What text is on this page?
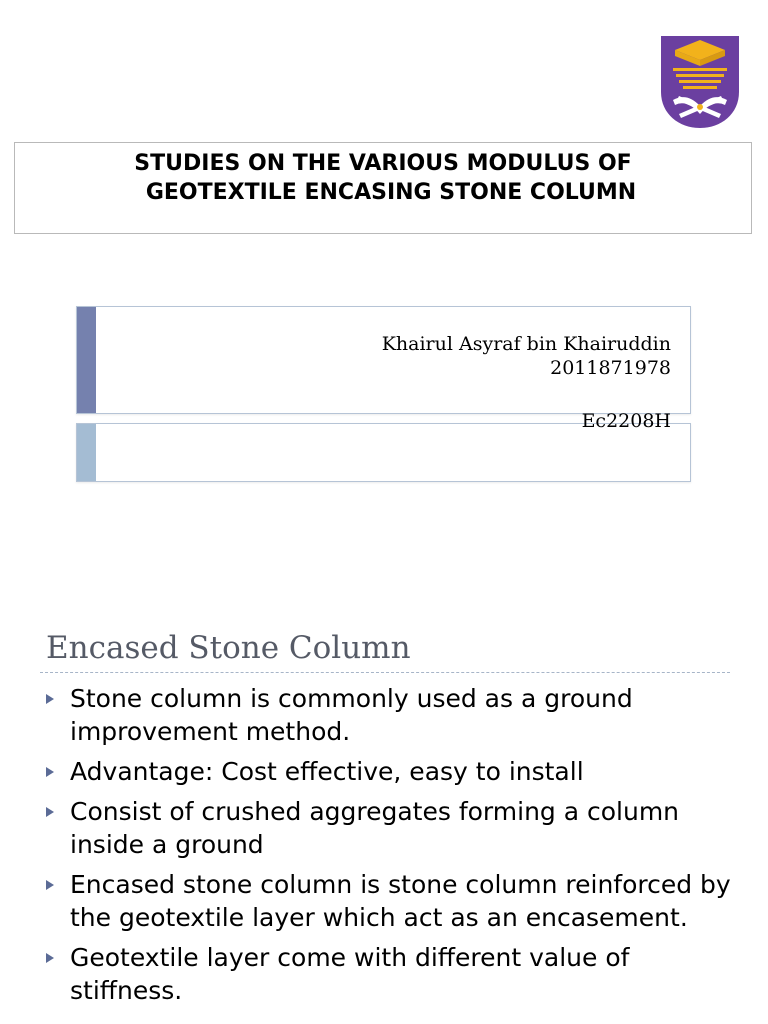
STUDIES ON THE VARIOUS MODULUS OF
GEOTEXTILE ENCASING STONE COLUMN
Khairul Asyraf bin Khairuddin
2011871978
Ec2208H
Encased Stone Column
Stone column is commonly used as a ground improvement method.
Advantage: Cost effective, easy to install
Consist of crushed aggregates forming a column inside a ground
Encased stone column is stone column reinforced by the geotextile layer which act as an encasement.
Geotextile layer come with different value of stiffness.
